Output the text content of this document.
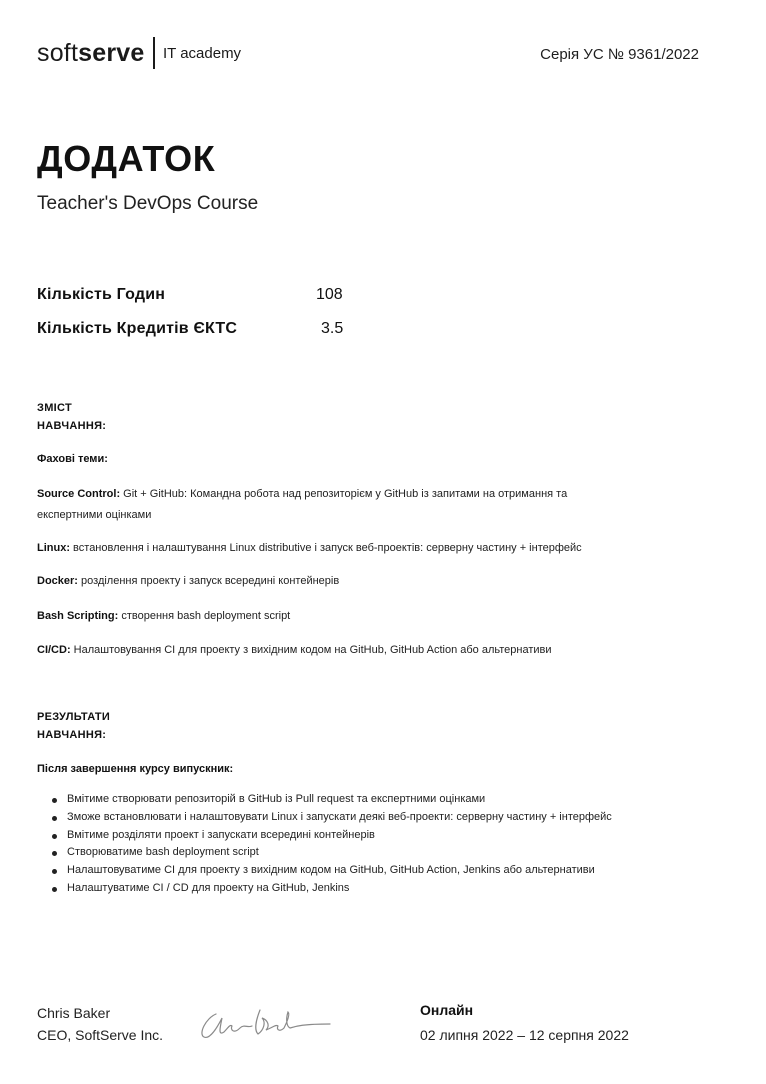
soft serve IT academy	Серія УС № 9361/2022
ДОДАТОК
Teacher's DevOps Course
Кількість Годин	108
Кількість Кредитів ЄКТС	3.5
ЗМІСТ
НАВЧАННЯ:
Фахові теми:
Source Control: Git + GitHub: Командна робота над репозиторієм у GitHub із запитами на отримання та
експертними оцінками
Linux: встановлення і налаштування Linux distributive і запуск веб-проектів: серверну частину + інтерфейс
Docker: розділення проекту і запуск всередині контейнерів
Bash Scripting: створення bash deployment script
CI/CD: Налаштовування CI для проекту з вихідним кодом на GitHub, GitHub Action або альтернативи
РЕЗУЛЬТАТИ
НАВЧАННЯ:
Після завершення курсу випускник:
Вмітиме створювати репозиторій в GitHub із Pull request та експертними оцінками
Зможе встановлювати і налаштовувати Linux і запускати деякі веб-проекти: серверну частину + інтерфейс
Вмітиме розділяти проект і запускати всередині контейнерів
Створюватиме bash deployment script
Налаштовуватиме CI для проекту з вихідним кодом на GitHub, GitHub Action, Jenkins або альтернативи
Налаштуватиме CI / CD для проекту на GitHub, Jenkins
Chris Baker
CEO, SoftServe Inc.
Онлайн
02 липня 2022 – 12 серпня 2022
